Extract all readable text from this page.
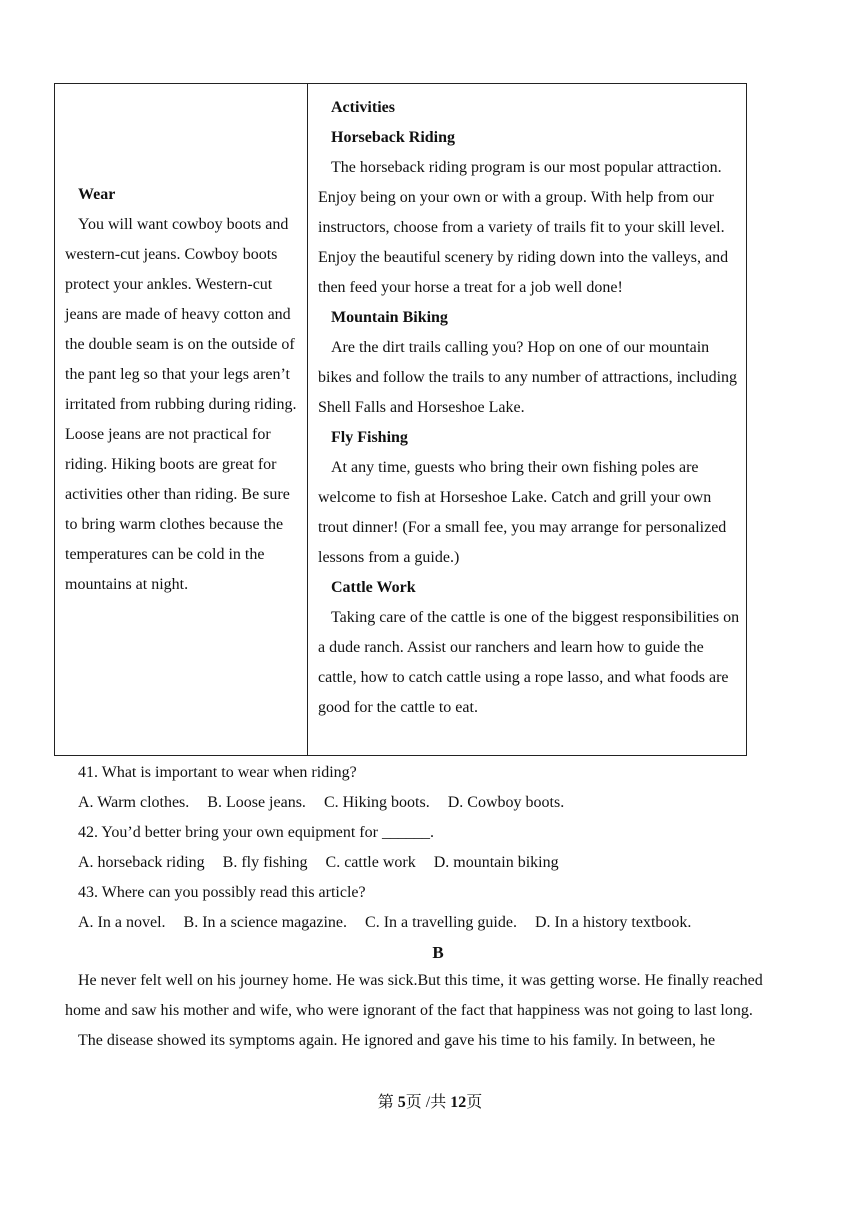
Wear
You will want cowboy boots and western-cut jeans. Cowboy boots protect your ankles. Western-cut jeans are made of heavy cotton and the double seam is on the outside of the pant leg so that your legs aren’t irritated from rubbing during riding. Loose jeans are not practical for riding. Hiking boots are great for activities other than riding. Be sure to bring warm clothes because the temperatures can be cold in the mountains at night.

Activities
Horseback Riding
The horseback riding program is our most popular attraction. Enjoy being on your own or with a group. With help from our instructors, choose from a variety of trails fit to your skill level. Enjoy the beautiful scenery by riding down into the valleys, and then feed your horse a treat for a job well done!
Mountain Biking
Are the dirt trails calling you? Hop on one of our mountain bikes and follow the trails to any number of attractions, including Shell Falls and Horseshoe Lake.
Fly Fishing
At any time, guests who bring their own fishing poles are welcome to fish at Horseshoe Lake. Catch and grill your own trout dinner! (For a small fee, you may arrange for personalized lessons from a guide.)
Cattle Work
Taking care of the cattle is one of the biggest responsibilities on a dude ranch. Assist our ranchers and learn how to guide the cattle, how to catch cattle using a rope lasso, and what foods are good for the cattle to eat.
41. What is important to wear when riding?
A. Warm clothes. B. Loose jeans. C. Hiking boots. D. Cowboy boots.
42. You’d better bring your own equipment for ______.
A. horseback riding B. fly fishing C. cattle work D. mountain biking
43. Where can you possibly read this article?
A. In a novel. B. In a science magazine. C. In a travelling guide. D. In a history textbook.
B

He never felt well on his journey home. He was sick.But this time, it was getting worse. He finally reached home and saw his mother and wife, who were ignorant of the fact that happiness was not going to last long.

The disease showed its symptoms again. He ignored and gave his time to his family. In between, he

第 5页 /共 12页
